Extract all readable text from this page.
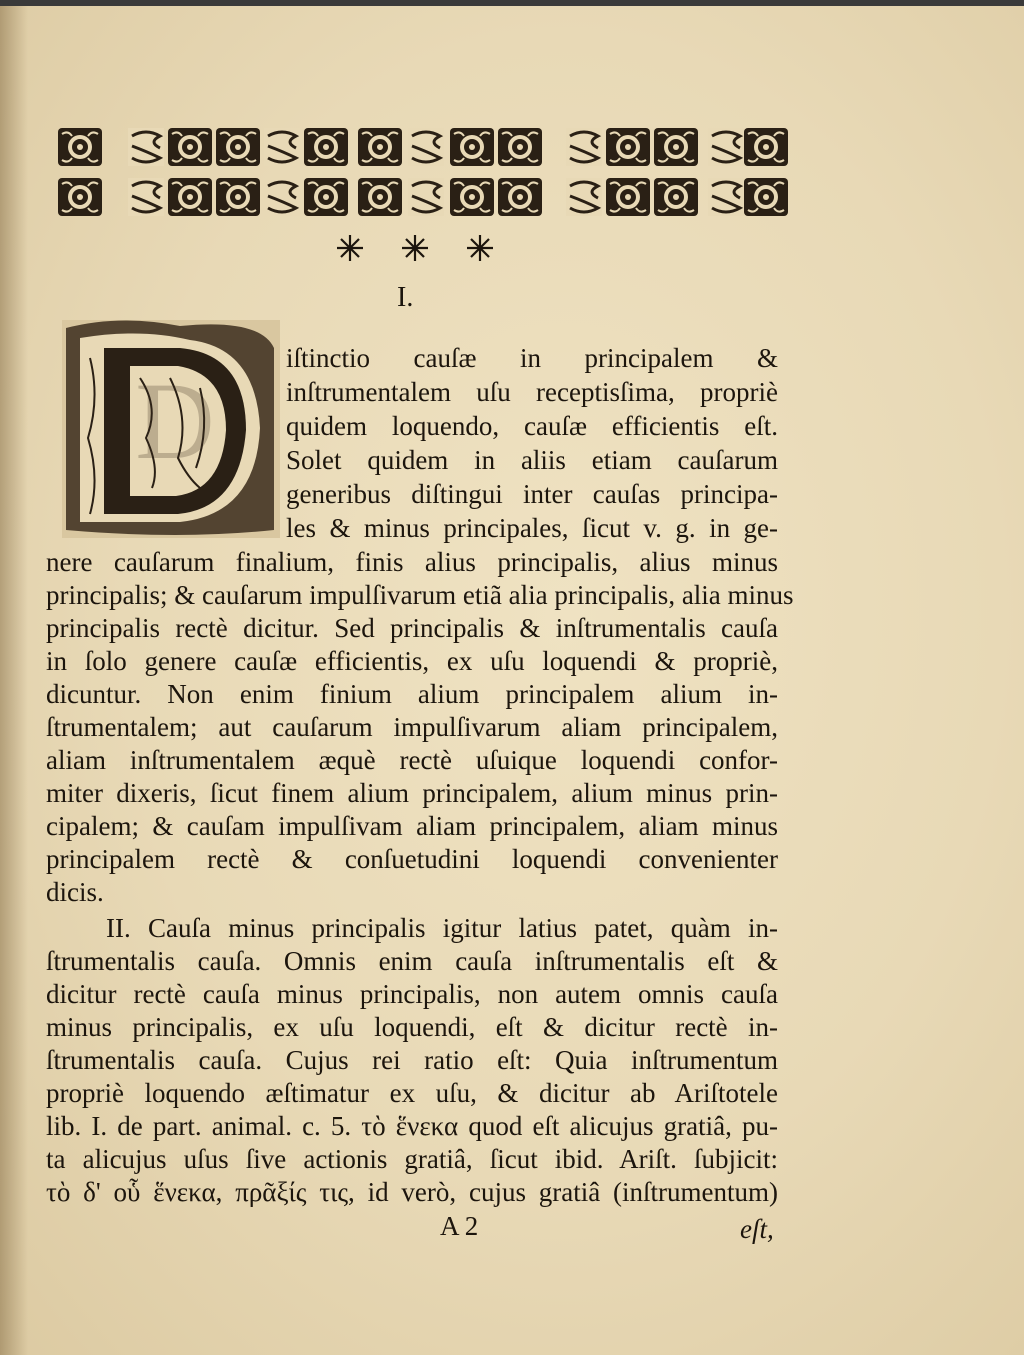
I.
D
iſtinctio cauſæ in principalem &
inſtrumentalem uſu receptisſima, propriè
quidem loquendo, cauſæ efficientis eſt.
Solet quidem in aliis etiam cauſarum
generibus diſtingui inter cauſas principa-
les & minus principales, ſicut v. g. in ge-
nere cauſarum finalium, finis alius principalis, alius minus
principalis; & cauſarum impulſivarum etiã alia principalis, alia minus
principalis rectè dicitur. Sed principalis & inſtrumentalis cauſa
in ſolo genere cauſæ efficientis, ex uſu loquendi & propriè,
dicuntur. Non enim finium alium principalem alium in-
ſtrumentalem; aut cauſarum impulſivarum aliam principalem,
aliam inſtrumentalem æquè rectè uſuique loquendi confor-
miter dixeris, ſicut finem alium principalem, alium minus prin-
cipalem; & cauſam impulſivam aliam principalem, aliam minus
principalem rectè & conſuetudini loquendi convenienter
dicis.
II. Cauſa minus principalis igitur latius patet, quàm in-
ſtrumentalis cauſa. Omnis enim cauſa inſtrumentalis eſt &
dicitur rectè cauſa minus principalis, non autem omnis cauſa
minus principalis, ex uſu loquendi, eſt & dicitur rectè in-
ſtrumentalis cauſa. Cujus rei ratio eſt: Quia inſtrumentum
propriè loquendo æſtimatur ex uſu, & dicitur ab Ariſtotele
lib. I. de part. animal. c. 5. τὸ ἕνεκα quod eſt alicujus gratiâ, pu-
ta alicujus uſus ſive actionis gratiâ, ſicut ibid. Ariſt. ſubjicit:
τὸ δ' οὗ ἕνεκα, πρᾶξίς τις, id verò, cujus gratiâ (inſtrumentum)
A 2	eſt,
